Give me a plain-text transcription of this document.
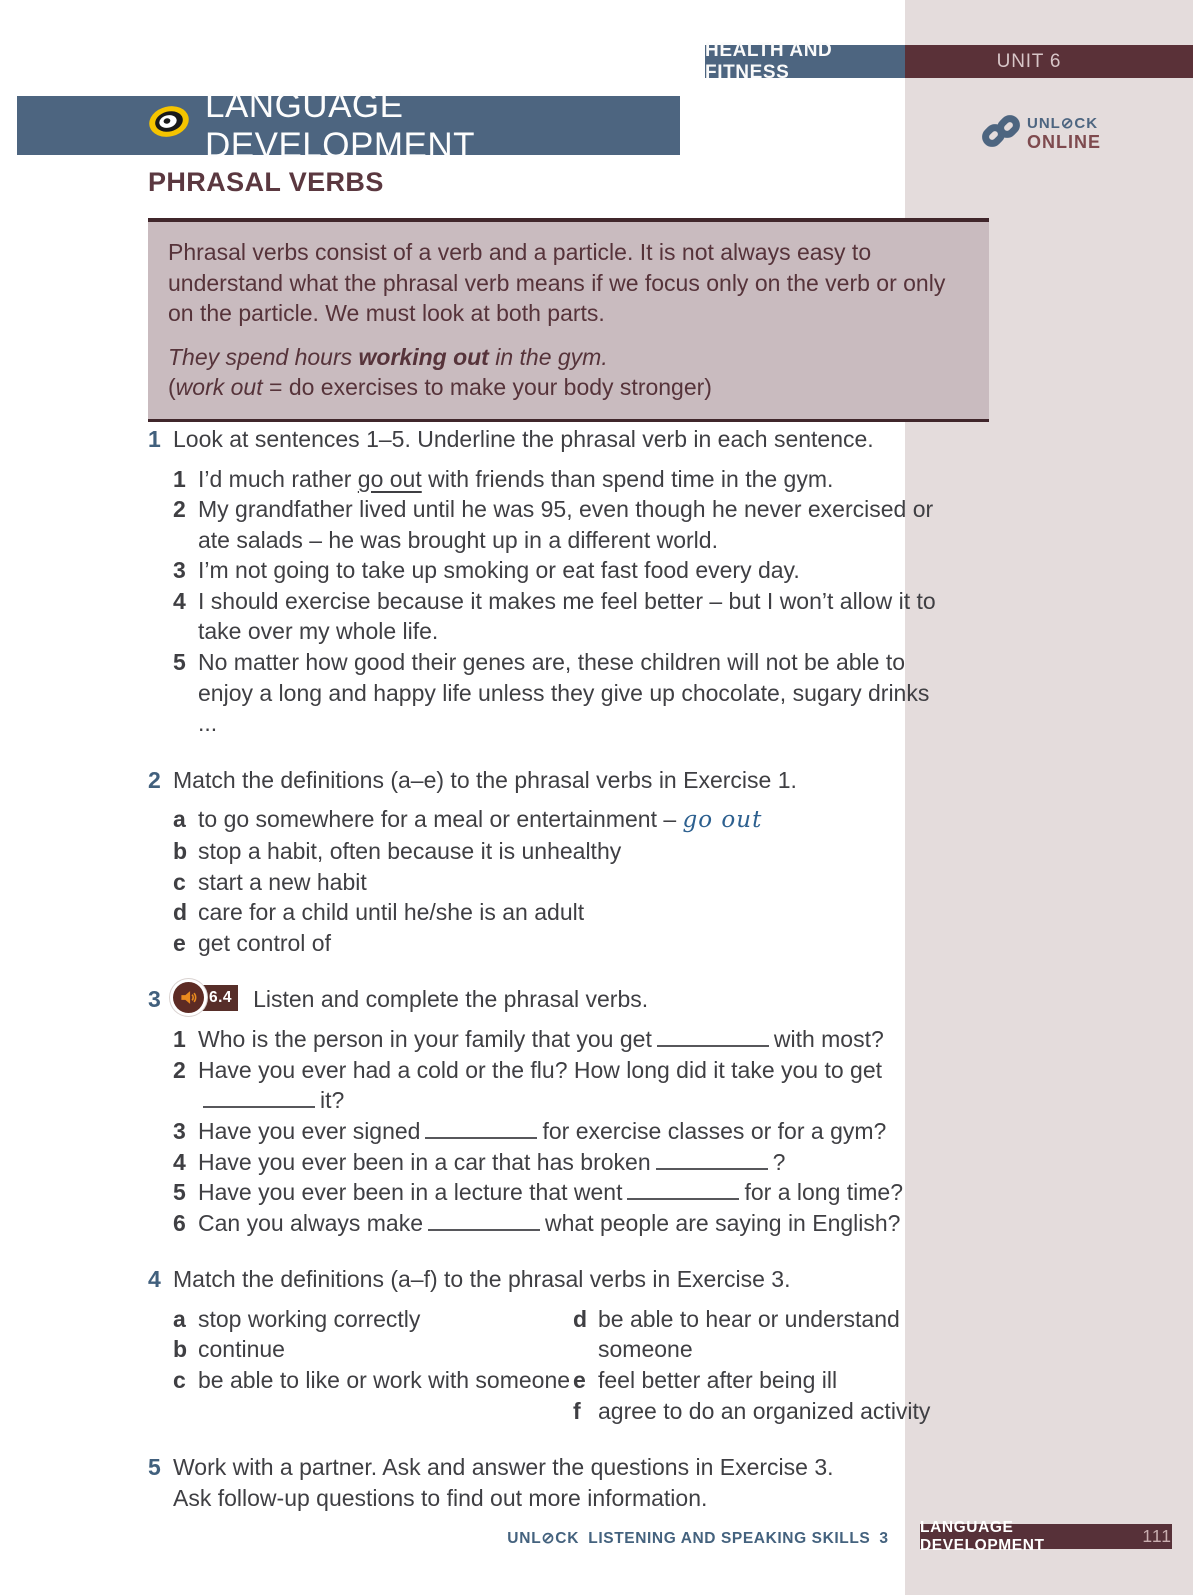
HEALTH AND FITNESS
UNIT 6
LANGUAGE DEVELOPMENT
UNL⊘CK
ONLINE
PHRASAL VERBS

Phrasal verbs consist of a verb and a particle. It is not always easy to understand what the phrasal verb means if we focus only on the verb or only on the particle. We must look at both parts.

They spend hours working out in the gym.

(work out = do exercises to make your body stronger)

1 Look at sentences 1–5. Underline the phrasal verb in each sentence.
1 I’d much rather go out with friends than spend time in the gym.
2 My grandfather lived until he was 95, even though he never exercised or ate salads – he was brought up in a different world.
3 I’m not going to take up smoking or eat fast food every day.
4 I should exercise because it makes me feel better – but I won’t allow it to take over my whole life.
5 No matter how good their genes are, these children will not be able to enjoy a long and happy life unless they give up chocolate, sugary drinks ...
2 Match the definitions (a–e) to the phrasal verbs in Exercise 1.
a to go somewhere for a meal or entertainment – go out
b stop a habit, often because it is unhealthy
c start a new habit
d care for a child until he/she is an adult
e get control of
3	6.4 Listen and complete the phrasal verbs.
1 Who is the person in your family that you get	with most?
2 Have you ever had a cold or the flu? How long did it take you to getit?
3 Have you ever signed	for exercise classes or for a gym?
4 Have you ever been in a car that has broken	?
5 Have you ever been in a lecture that went	for a long time?
6 Can you always make	what people are saying in English?
4 Match the definitions (a–f) to the phrasal verbs in Exercise 3.
a stop working correctly
b continue
c be able to like or work with someone
d be able to hear or understand someone
e feel better after being ill
f agree to do an organized activity
5 Work with a partner. Ask and answer the questions in Exercise 3.
Ask follow-up questions to find out more information.
UNL⊘CK LISTENING AND SPEAKING SKILLS 3
LANGUAGE DEVELOPMENT	111
